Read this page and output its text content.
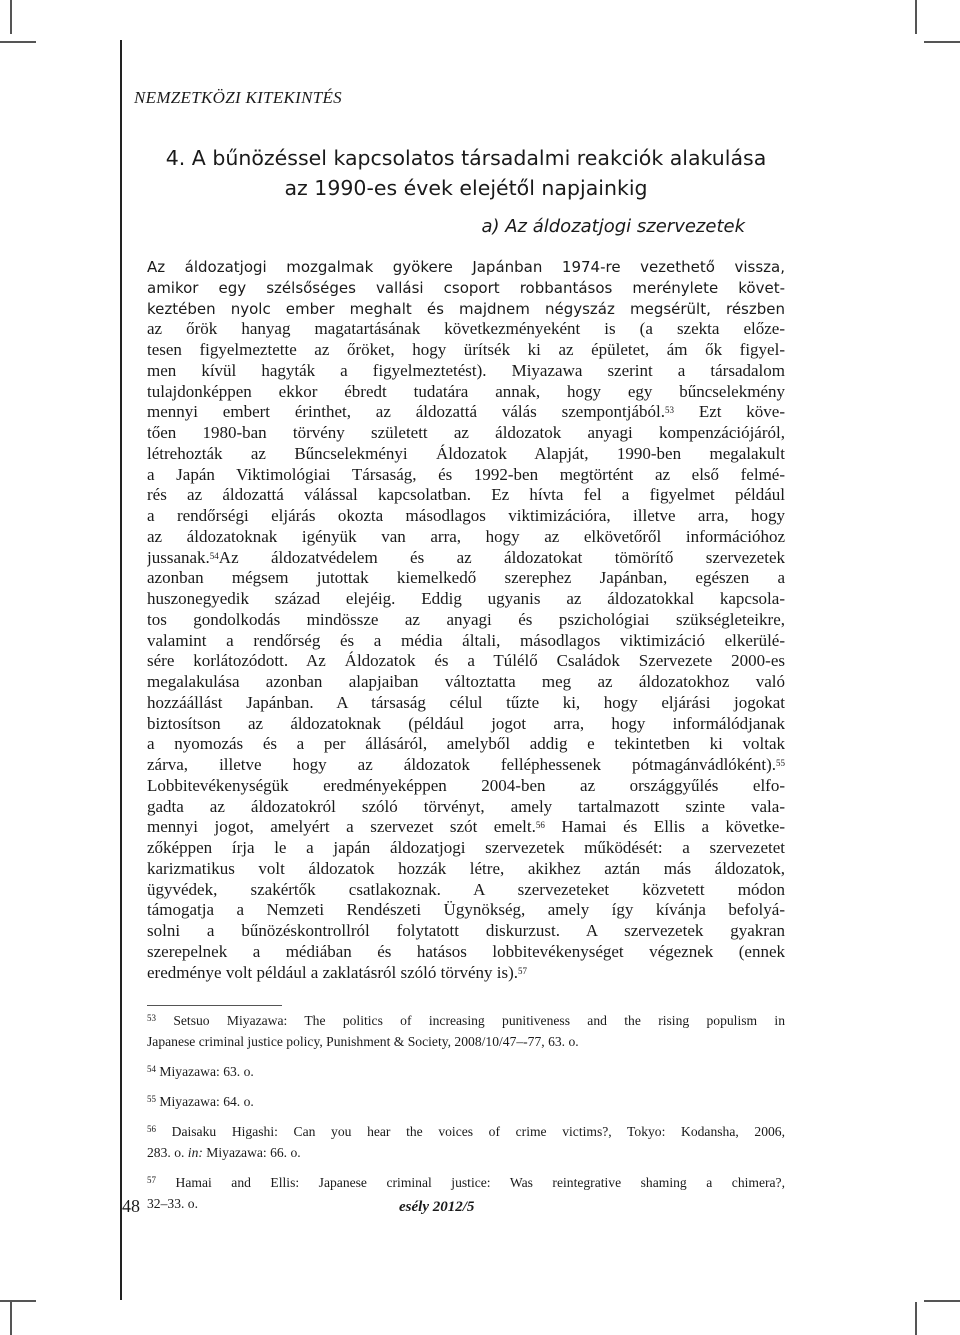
NEMZETKÖZI KITEKINTÉS
4. A bűnözéssel kapcsolatos társadalmi reakciók alakulása
az 1990-es évek elejétől napjainkig
a) Az áldozatjogi szervezetek
Az áldozatjogi mozgalmak gyökere Japánban 1974-re vezethető vissza,
amikor egy szélsőséges vallási csoport robbantásos merénylete követ-
keztében nyolc ember meghalt és majdnem négyszáz megsérült, részben
az őrök hanyag magatartásának következményeként is (a szekta előze-
tesen figyelmeztette az őröket, hogy ürítsék ki az épületet, ám ők figyel-
men kívül hagyták a figyelmeztetést). Miyazawa szerint a társadalom
tulajdonképpen ekkor ébredt tudatára annak, hogy egy bűncselekmény
mennyi embert érinthet, az áldozattá válás szempontjából.$^{53}$ Ezt köve-
tően 1980-ban törvény született az áldozatok anyagi kompenzációjáról,
létrehozták az Bűncselekményi Áldozatok Alapját, 1990-ben megalakult
a Japán Viktimológiai Társaság, és 1992-ben megtörtént az első felmé-
rés az áldozattá válással kapcsolatban. Ez hívta fel a figyelmet például
a rendőrségi eljárás okozta másodlagos viktimizációra, illetve arra, hogy
az áldozatoknak igényük van arra, hogy az elkövetőről információhoz
jussanak.$^{54}$Az áldozatvédelem és az áldozatokat tömörítő szervezetek
azonban mégsem jutottak kiemelkedő szerephez Japánban, egészen a
huszonegyedik század elejéig. Eddig ugyanis az áldozatokkal kapcsola-
tos gondolkodás mindössze az anyagi és pszichológiai szükségleteikre,
valamint a rendőrség és a média általi, másodlagos viktimizáció elkerülé-
sére korlátozódott. Az Áldozatok és a Túlélő Családok Szervezete 2000-es
megalakulása azonban alapjaiban változtatta meg az áldozatokhoz való
hozzáállást Japánban. A társaság célul tűzte ki, hogy eljárási jogokat
biztosítson az áldozatoknak (például jogot arra, hogy informálódjanak
a nyomozás és a per állásáról, amelyből addig e tekintetben ki voltak
zárva, illetve hogy az áldozatok felléphessenek pótmagánvádlóként).$^{55}$
Lobbitevékenységük eredményeképpen 2004-ben az országgyűlés elfo-
gadta az áldozatokról szóló törvényt, amely tartalmazott szinte vala-
mennyi jogot, amelyért a szervezet szót emelt.$^{56}$ Hamai és Ellis a követke-
zőképpen írja le a japán áldozatjogi szervezetek működését: a szervezetet
karizmatikus volt áldozatok hozzák létre, akikhez aztán más áldozatok,
ügyvédek, szakértők csatlakoznak. A szervezeteket közvetett módon
támogatja a Nemzeti Rendészeti Ügynökség, amely így kívánja befolyá-
solni a bűnözéskontrollról folytatott diskurzust. A szervezetek gyakran
szerepelnek a médiában és hatásos lobbitevékenységet végeznek (ennek
eredménye volt például a zaklatásról szóló törvény is).$^{57}$
$^{53}$ Setsuo Miyazawa: The politics of increasing punitiveness and the rising populism in
Japanese criminal justice policy, Punishment & Society, 2008/10/47–-77, 63. o.
$^{54}$ Miyazawa: 63. o.
$^{55}$ Miyazawa: 64. o.
$^{56}$ Daisaku Higashi: Can you hear the voices of crime victims?, Tokyo: Kodansha, 2006,
283. o. in: Miyazawa: 66. o.
$^{57}$ Hamai and Ellis: Japanese criminal justice: Was reintegrative shaming a chimera?,
32–33. o.
48	esély 2012/5
